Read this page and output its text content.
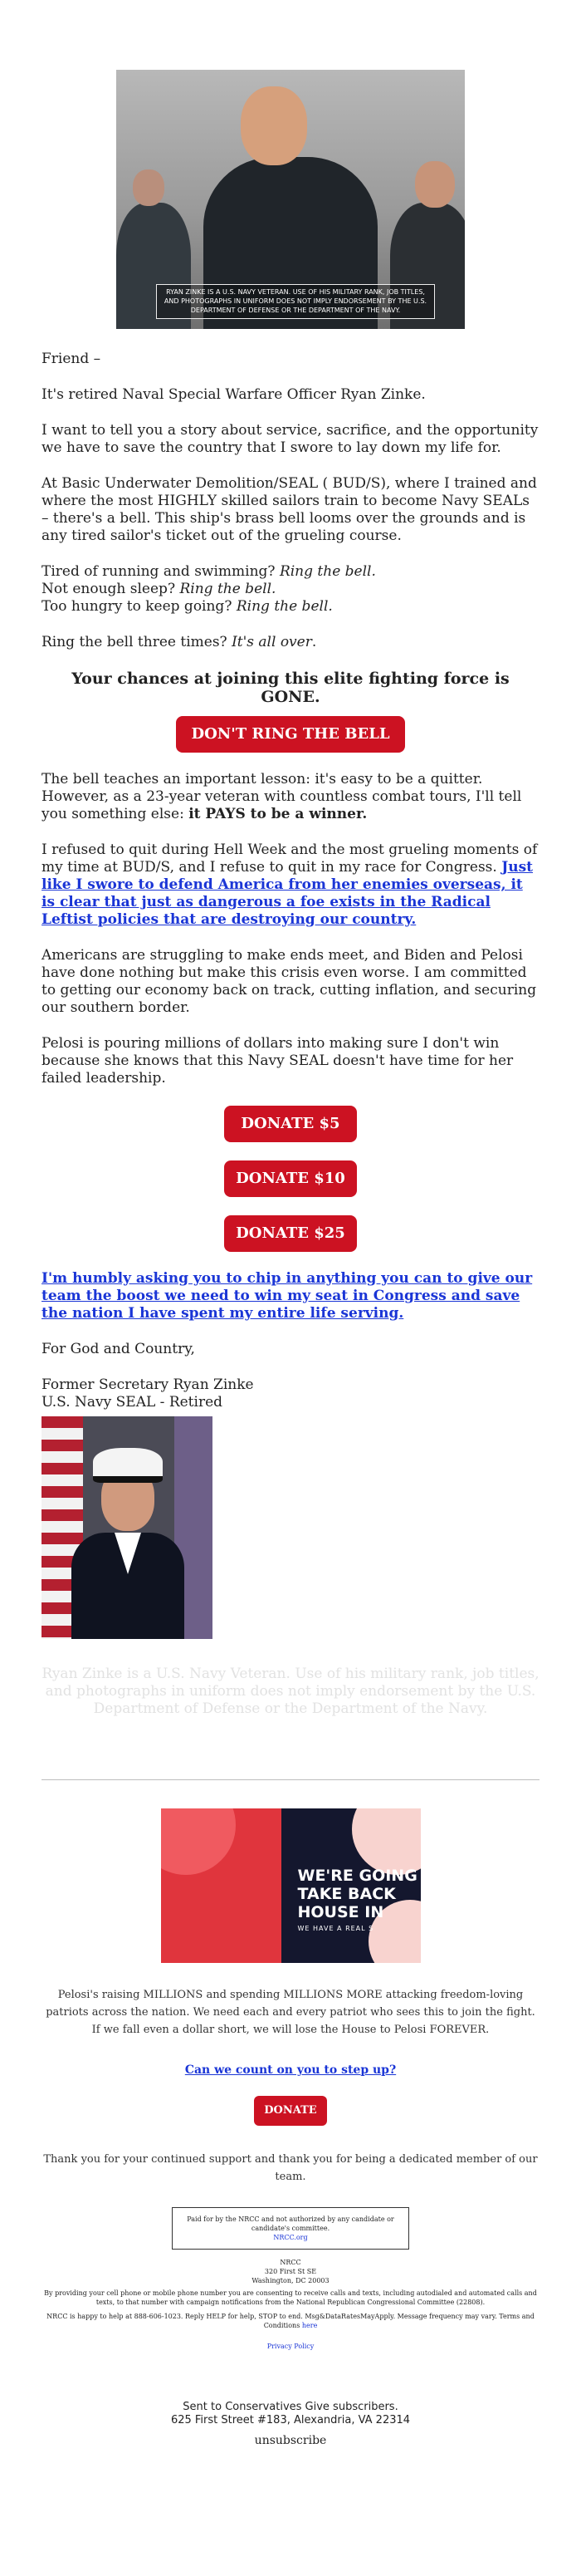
RYAN ZINKE IS A U.S. NAVY VETERAN. USE OF HIS MILITARY RANK, JOB TITLES, AND PHOTOGRAPHS IN UNIFORM DOES NOT IMPLY ENDORSEMENT BY THE U.S. DEPARTMENT OF DEFENSE OR THE DEPARTMENT OF THE NAVY.

Friend –

It's retired Naval Special Warfare Officer Ryan Zinke.

I want to tell you a story about service, sacrifice, and the opportunity we have to save the country that I swore to lay down my life for.

At Basic Underwater Demolition/SEAL ( BUD/S), where I trained and where the most HIGHLY skilled sailors train to become Navy SEALs – there's a bell. This ship's brass bell looms over the grounds and is any tired sailor's ticket out of the grueling course.

Tired of running and swimming? Ring the bell.

Not enough sleep? Ring the bell.

Too hungry to keep going? Ring the bell.

Ring the bell three times? It's all over.

Your chances at joining this elite fighting force is GONE.
DON'T RING THE BELL

The bell teaches an important lesson: it's easy to be a quitter. However, as a 23-year veteran with countless combat tours, I'll tell you something else: it PAYS to be a winner.

I refused to quit during Hell Week and the most grueling moments of my time at BUD/S, and I refuse to quit in my race for Congress. Just like I swore to defend America from her enemies overseas, it is clear that just as dangerous a foe exists in the Radical Leftist policies that are destroying our country.

Americans are struggling to make ends meet, and Biden and Pelosi have done nothing but make this crisis even worse. I am committed to getting our economy back on track, cutting inflation, and securing our southern border.

Pelosi is pouring millions of dollars into making sure I don't win because she knows that this Navy SEAL doesn't have time for her failed leadership.

DONATE $5
DONATE $10
DONATE $25

I'm humbly asking you to chip in anything you can to give our team the boost we need to win my seat in Congress and save the nation I have spent my entire life serving.

For God and Country,

Former Secretary Ryan Zinke

U.S. Navy SEAL - Retired

Ryan Zinke is a U.S. Navy Veteran. Use of his military rank, job titles, and photographs in uniform does not imply endorsement by the U.S. Department of Defense or the Department of the Navy.

WE'RE GOING
TAKE BACK
HOUSE IN
WE HAVE A REAL S

Pelosi's raising MILLIONS and spending MILLIONS MORE attacking freedom-loving patriots across the nation. We need each and every patriot who sees this to join the fight. If we fall even a dollar short, we will lose the House to Pelosi FOREVER.

Can we count on you to step up?

DONATE

Thank you for your continued support and thank you for being a dedicated member of our team.

Paid for by the NRCC and not authorized by any candidate or candidate's committee.
NRCC.org
NRCC
320 First St SE
Washington, DC 20003
By providing your cell phone or mobile phone number you are consenting to receive calls and texts, including autodialed and automated calls and texts, to that number with campaign notifications from the National Republican Congressional Committee (22808).
NRCC is happy to help at 888-606-1023. Reply HELP for help, STOP to end. Msg&DataRatesMayApply. Message frequency may vary. Terms and Conditions here
Privacy Policy
Sent to Conservatives Give subscribers.
625 First Street #183, Alexandria, VA 22314
unsubscribe
